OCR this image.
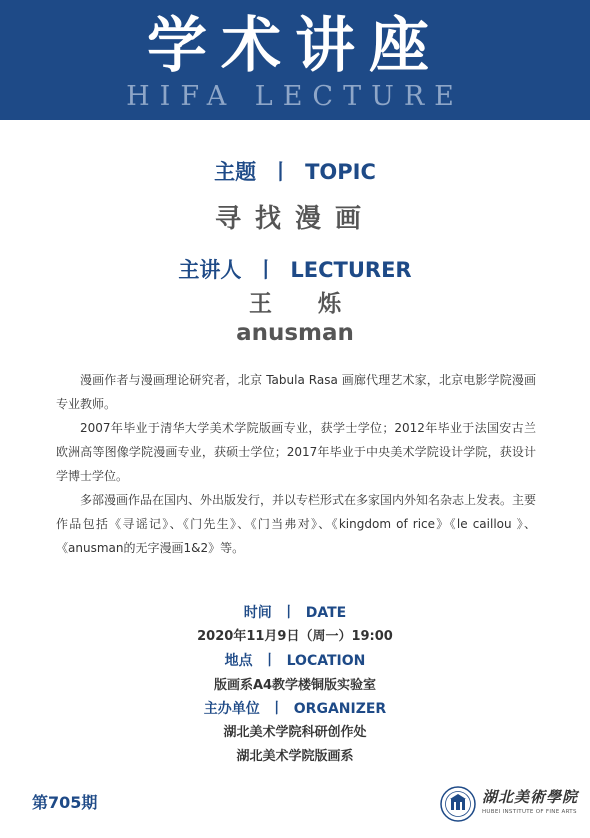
学术讲座
HIFA LECTURE
主题 丨 TOPIC
寻找漫画
主讲人 丨 LECTURER
王烁
anusman

漫画作者与漫画理论研究者，北京 Tabula Rasa 画廊代理艺术家，北京电影学院漫画专业教师。

2007年毕业于清华大学美术学院版画专业，获学士学位；2012年毕业于法国安古兰欧洲高等图像学院漫画专业，获硕士学位；2017年毕业于中央美术学院设计学院，获设计学博士学位。

多部漫画作品在国内、外出版发行，并以专栏形式在多家国内外知名杂志上发表。主要作品包括《寻谣记》、《门先生》、《门当弗对》、《kingdom of rice》《le caillou 》、《anusman的无字漫画1&2》等。

时间 丨 DATE
2020年11月9日（周一）19:00
地点 丨 LOCATION
版画系A4教学楼铜版实验室
主办单位 丨 ORGANIZER
湖北美术学院科研创作处
湖北美术学院版画系
第705期	湖北美術學院
HUBEI INSTITUTE OF FINE ARTS
